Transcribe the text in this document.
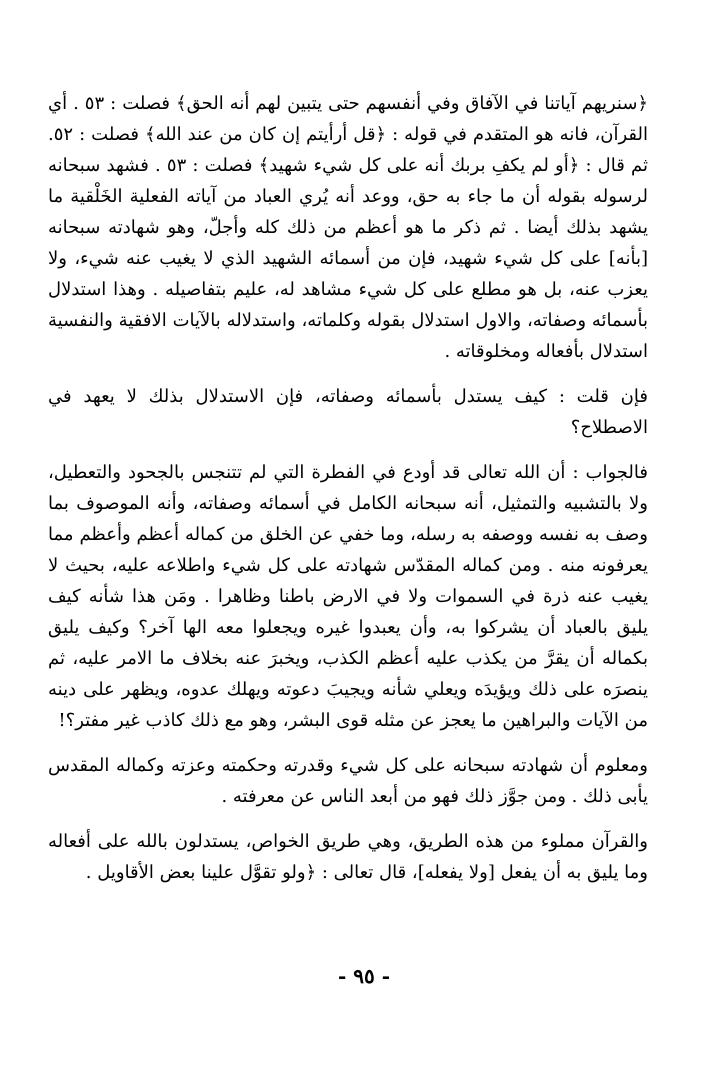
﴿سنريهم آياتنا في الآفاق وفي أنفسهم حتى يتبين لهم أنه الحق﴾ فصلت : ٥٣ . أي القرآن، فانه هو المتقدم في قوله : ﴿قل أرأيتم إن كان من عند الله﴾ فصلت : ٥٢. ثم قال : ﴿أو لم يكفِ بربك أنه على كل شيء شهيد﴾ فصلت : ٥٣ . فشهد سبحانه لرسوله بقوله أن ما جاء به حق، ووعد أنه يُري العباد من آياته الفعلية الخَلْقية ما يشهد بذلك أيضا . ثم ذكر ما هو أعظم من ذلك كله وأجلّ، وهو شهادته سبحانه [بأنه] على كل شيء شهيد، فإن من أسمائه الشهيد الذي لا يغيب عنه شيء، ولا يعزب عنه، بل هو مطلع على كل شيء مشاهد له، عليم بتفاصيله . وهذا استدلال بأسمائه وصفاته، والاول استدلال بقوله وكلماته، واستدلاله بالآيات الافقية والنفسية استدلال بأفعاله ومخلوقاته .

فإن قلت : كيف يستدل بأسمائه وصفاته، فإن الاستدلال بذلك لا يعهد في الاصطلاح؟

فالجواب : أن الله تعالى قد أودع في الفطرة التي لم تتنجس بالجحود والتعطيل، ولا بالتشبيه والتمثيل، أنه سبحانه الكامل في أسمائه وصفاته، وأنه الموصوف بما وصف به نفسه ووصفه به رسله، وما خفي عن الخلق من كماله أعظم وأعظم مما يعرفونه منه . ومن كماله المقدّس شهادته على كل شيء واطلاعه عليه، بحيث لا يغيب عنه ذرة في السموات ولا في الارض باطنا وظاهرا . ومَن هذا شأنه كيف يليق بالعباد أن يشركوا به، وأن يعبدوا غيره ويجعلوا معه الها آخر؟ وكيف يليق بكماله أن يقرَّ من يكذب عليه أعظم الكذب، ويخبرَ عنه بخلاف ما الامر عليه، ثم ينصرَه على ذلك ويؤيدَه ويعلي شأنه ويجيبَ دعوته ويهلك عدوه، ويظهر على دينه من الآيات والبراهين ما يعجز عن مثله قوى البشر، وهو مع ذلك كاذب غير مفتر؟!

ومعلوم أن شهادته سبحانه على كل شيء وقدرته وحكمته وعزته وكماله المقدس يأبى ذلك . ومن جوَّز ذلك فهو من أبعد الناس عن معرفته .

والقرآن مملوء من هذه الطريق، وهي طريق الخواص، يستدلون بالله على أفعاله وما يليق به أن يفعل [ولا يفعله]، قال تعالى : ﴿ولو تقوَّل علينا بعض الأقاويل .

- ٩٥ -
